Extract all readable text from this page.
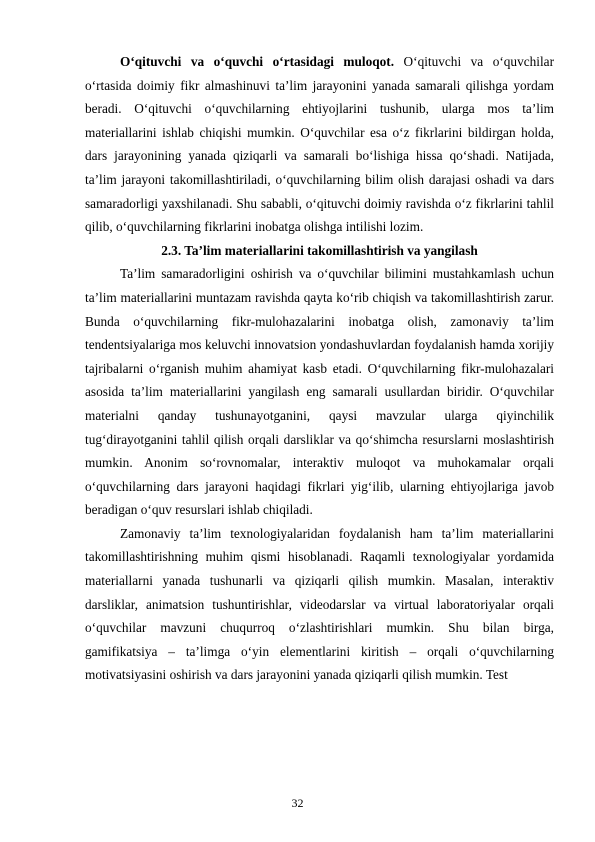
O‘qituvchi va o‘quvchi o‘rtasidagi muloqot. O‘qituvchi va o‘quvchilar o‘rtasida doimiy fikr almashinuvi ta’lim jarayonini yanada samarali qilishga yordam beradi. O‘qituvchi o‘quvchilarning ehtiyojlarini tushunib, ularga mos ta’lim materiallarini ishlab chiqishi mumkin. O‘quvchilar esa o‘z fikrlarini bildirgan holda, dars jarayonining yanada qiziqarli va samarali bo‘lishiga hissa qo‘shadi. Natijada, ta’lim jarayoni takomillashtiriladi, o‘quvchilarning bilim olish darajasi oshadi va dars samaradorligi yaxshilanadi. Shu sababli, o‘qituvchi doimiy ravishda o‘z fikrlarini tahlil qilib, o‘quvchilarning fikrlarini inobatga olishga intilishi lozim.

2.3. Ta’lim materiallarini takomillashtirish va yangilash

Ta’lim samaradorligini oshirish va o‘quvchilar bilimini mustahkamlash uchun ta’lim materiallarini muntazam ravishda qayta ko‘rib chiqish va takomillashtirish zarur. Bunda o‘quvchilarning fikr-mulohazalarini inobatga olish, zamonaviy ta’lim tendentsiyalariga mos keluvchi innovatsion yondashuvlardan foydalanish hamda xorijiy tajribalarni o‘rganish muhim ahamiyat kasb etadi. O‘quvchilarning fikr-mulohazalari asosida ta’lim materiallarini yangilash eng samarali usullardan biridir. O‘quvchilar materialni qanday tushunayotganini, qaysi mavzular ularga qiyinchilik tug‘dirayotganini tahlil qilish orqali darsliklar va qo‘shimcha resurslarni moslashtirish mumkin. Anonim so‘rovnomalar, interaktiv muloqot va muhokamalar orqali o‘quvchilarning dars jarayoni haqidagi fikrlari yig‘ilib, ularning ehtiyojlariga javob beradigan o‘quv resurslari ishlab chiqiladi.

Zamonaviy ta’lim texnologiyalaridan foydalanish ham ta’lim materiallarini takomillashtirishning muhim qismi hisoblanadi. Raqamli texnologiyalar yordamida materiallarni yanada tushunarli va qiziqarli qilish mumkin. Masalan, interaktiv darsliklar, animatsion tushuntirishlar, videodarslar va virtual laboratoriyalar orqali o‘quvchilar mavzuni chuqurroq o‘zlashtirishlari mumkin. Shu bilan birga, gamifikatsiya – ta’limga o‘yin elementlarini kiritish – orqali o‘quvchilarning motivatsiyasini oshirish va dars jarayonini yanada qiziqarli qilish mumkin. Test

32
